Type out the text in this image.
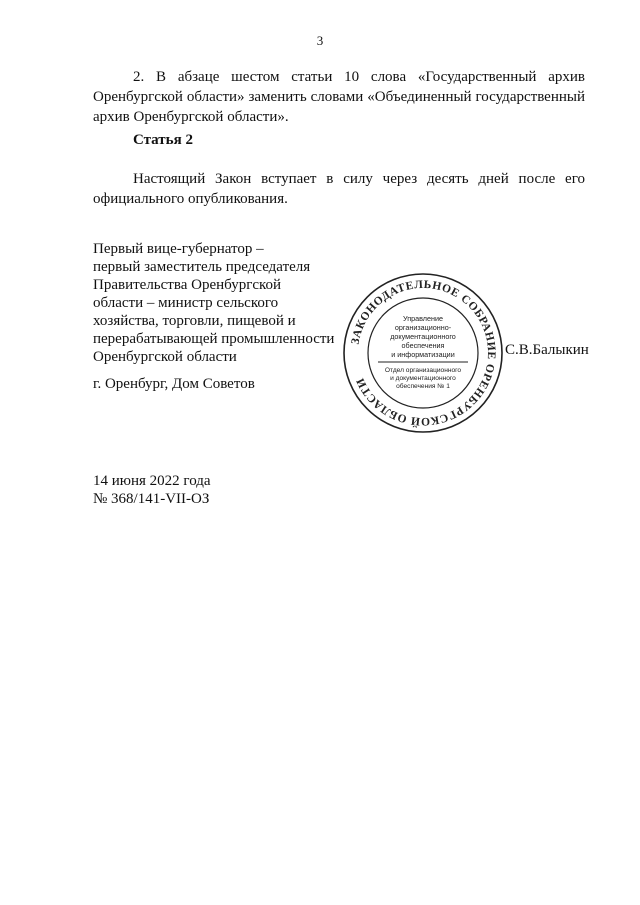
3

2. В абзаце шестом статьи 10 слова «Государственный архив Оренбургской области» заменить словами «Объединенный государственный архив Оренбургской области».

Статья 2

Настоящий Закон вступает в силу через десять дней после его официального опубликования.

Первый вице-губернатор –
первый заместитель председателя
Правительства Оренбургской
области – министр сельского
хозяйства, торговли, пищевой и
перерабатывающей промышленности
Оренбургской области
г. Оренбург, Дом Советов
ЗАКОНОДАТЕЛЬНОЕ СОБРАНИЕ ОРЕНБУРГСКОЙ ОБЛАСТИ
Управление
организационно-
документационного
обеспечения
и информатизации
Отдел организационного
и документационного
обеспечения № 1
С.В.Балыкин
14 июня 2022 года
№ 368/141-VII-ОЗ
